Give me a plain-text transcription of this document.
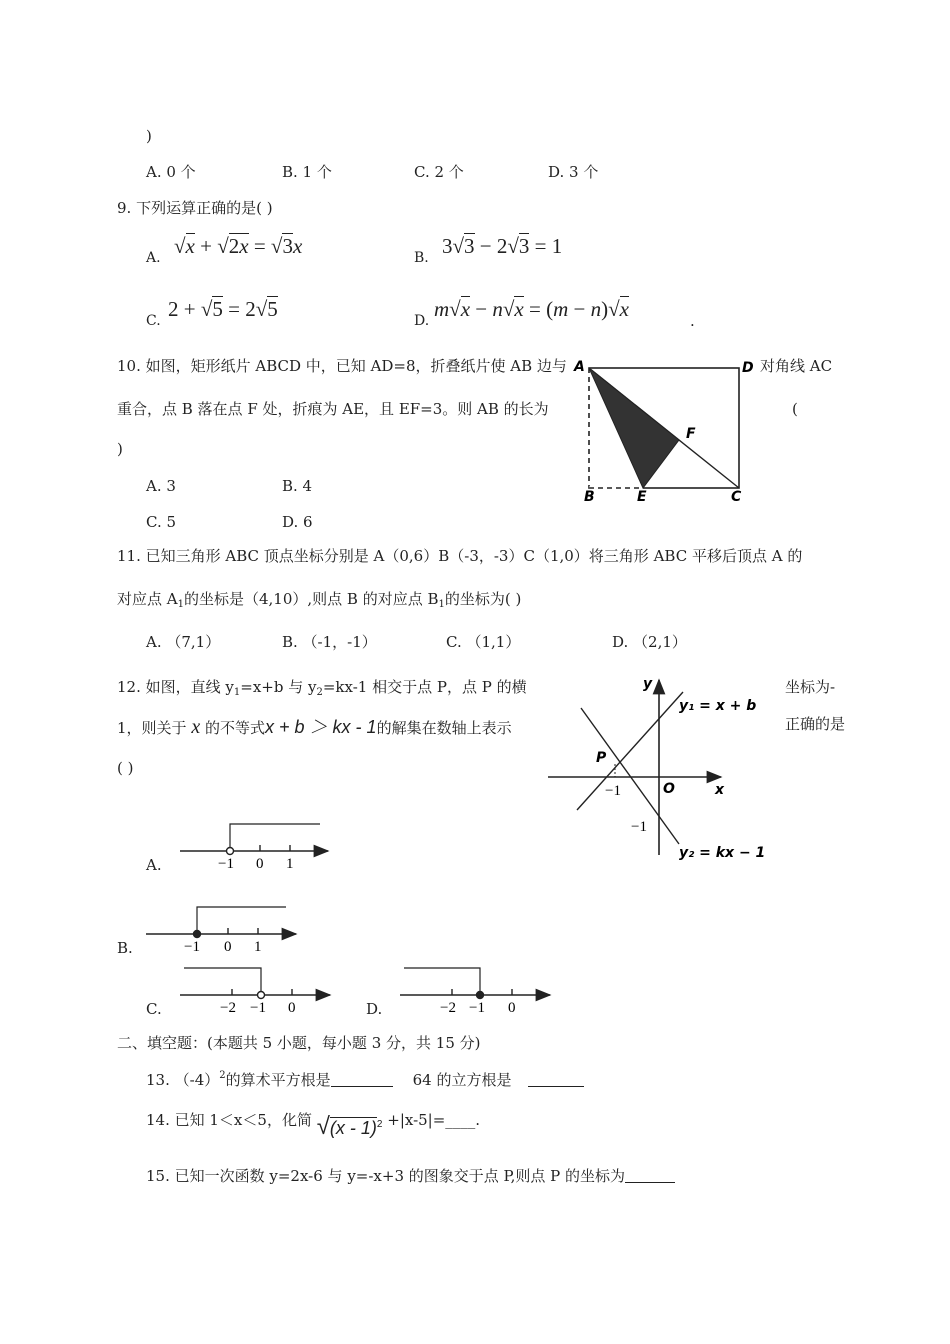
)
A. 0 个	B. 1 个	C. 2 个	D. 3 个
9. 下列运算正确的是( )
A. √x + √2x = √3x	B. 3√3 − 2√3 = 1
C. 2 + √5 = 2√5	D. m√x − n√x = (m − n)√x	.
10. 如图，矩形纸片 ABCD 中，已知 AD=8，折叠纸片使 AB 边与	对角线 AC
重合，点 B 落在点 F 处，折痕为 AE，且 EF=3。则 AB 的长为	(
)
A. 3	B. 4
C. 5	D. 6
A	D
B	E	C
F
11. 已知三角形 ABC 顶点坐标分别是 A（0,6）B（-3，-3）C（1,0）将三角形 ABC 平移后顶点 A 的
对应点 $A_1$的坐标是（4,10）,则点 B 的对应点 $B_1$的坐标为( )
A. （7,1）	B. （-1，-1）	C. （1,1）	D. （2,1）
12. 如图，直线 $y_1=x+b$ 与 $y_2=kx-1$ 相交于点 P，点 P 的横	坐标为-
1，则关于 x 的不等式x + b ＞ kx - 1的解集在数轴上表示	正确的是
( )
y
x
O
P
−1
−1
y₁ = x + b
y₂ = kx − 1
A.	−1 0 1
B.	−1 0 1
C.	−2 −1 0	D.	−2 −1 0
二、填空题：(本题共 5 小题，每小题 3 分，共 15 分)
13. $(-4)^2$的算术平方根是	64 的立方根是
14. 已知 1＜x＜5，化简 √(x - 1)$^2$ +|x-5|=____.
15. 已知一次函数 y=2x-6 与 y=-x+3 的图象交于点 P,则点 P 的坐标为
